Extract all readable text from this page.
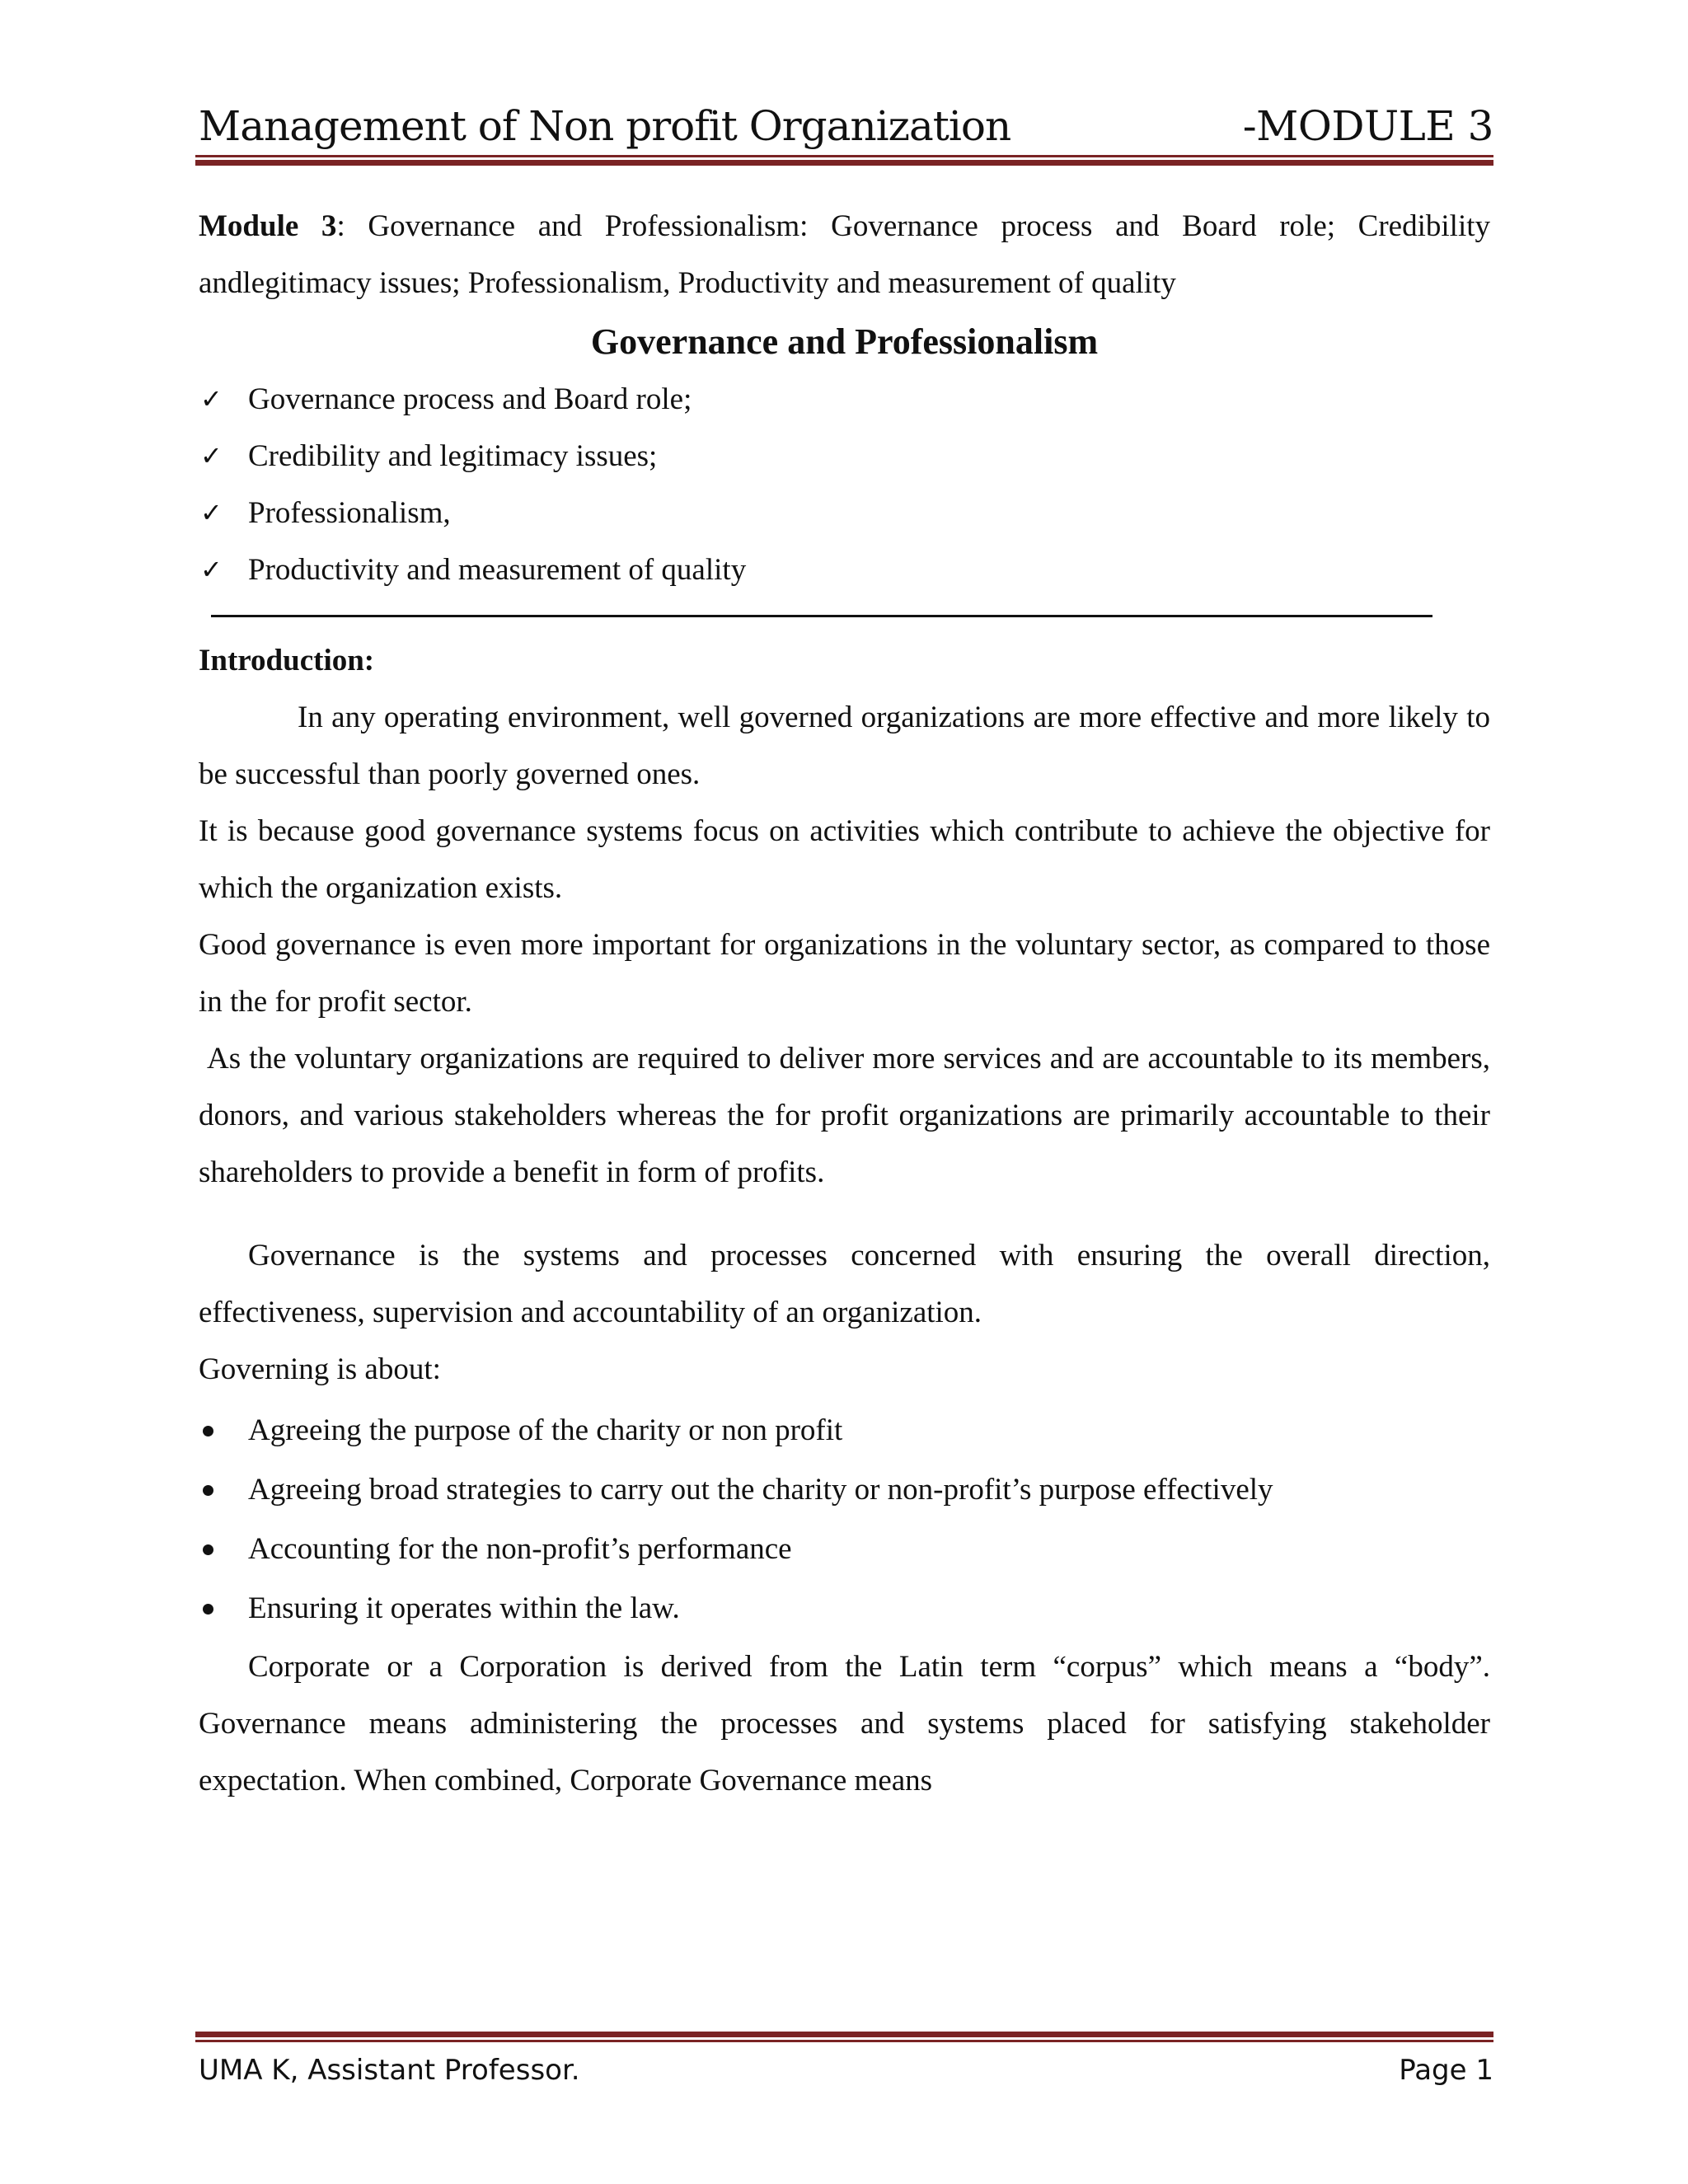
Management of Non profit Organization	-MODULE 3

Module 3: Governance and Professionalism: Governance process and Board role; Credibility andlegitimacy issues; Professionalism, Productivity and measurement of quality

Governance and Professionalism
✓ Governance process and Board role;
✓ Credibility and legitimacy issues;
✓ Professionalism,
✓ Productivity and measurement of quality

Introduction:

In any operating environment, well governed organizations are more effective and more likely to be successful than poorly governed ones.

It is because good governance systems focus on activities which contribute to achieve the objective for which the organization exists.

Good governance is even more important for organizations in the voluntary sector, as compared to those in the for profit sector.

As the voluntary organizations are required to deliver more services and are accountable to its members, donors, and various stakeholders whereas the for profit organizations are primarily accountable to their shareholders to provide a benefit in form of profits.

Governance is the systems and processes concerned with ensuring the overall direction, effectiveness, supervision and accountability of an organization.

Governing is about:

Agreeing the purpose of the charity or non profit
Agreeing broad strategies to carry out the charity or non-profit’s purpose effectively
Accounting for the non-profit’s performance
Ensuring it operates within the law.

Corporate or a Corporation is derived from the Latin term “corpus” which means a “body”. Governance means administering the processes and systems placed for satisfying stakeholder expectation. When combined, Corporate Governance means

UMA K, Assistant Professor.	Page 1
